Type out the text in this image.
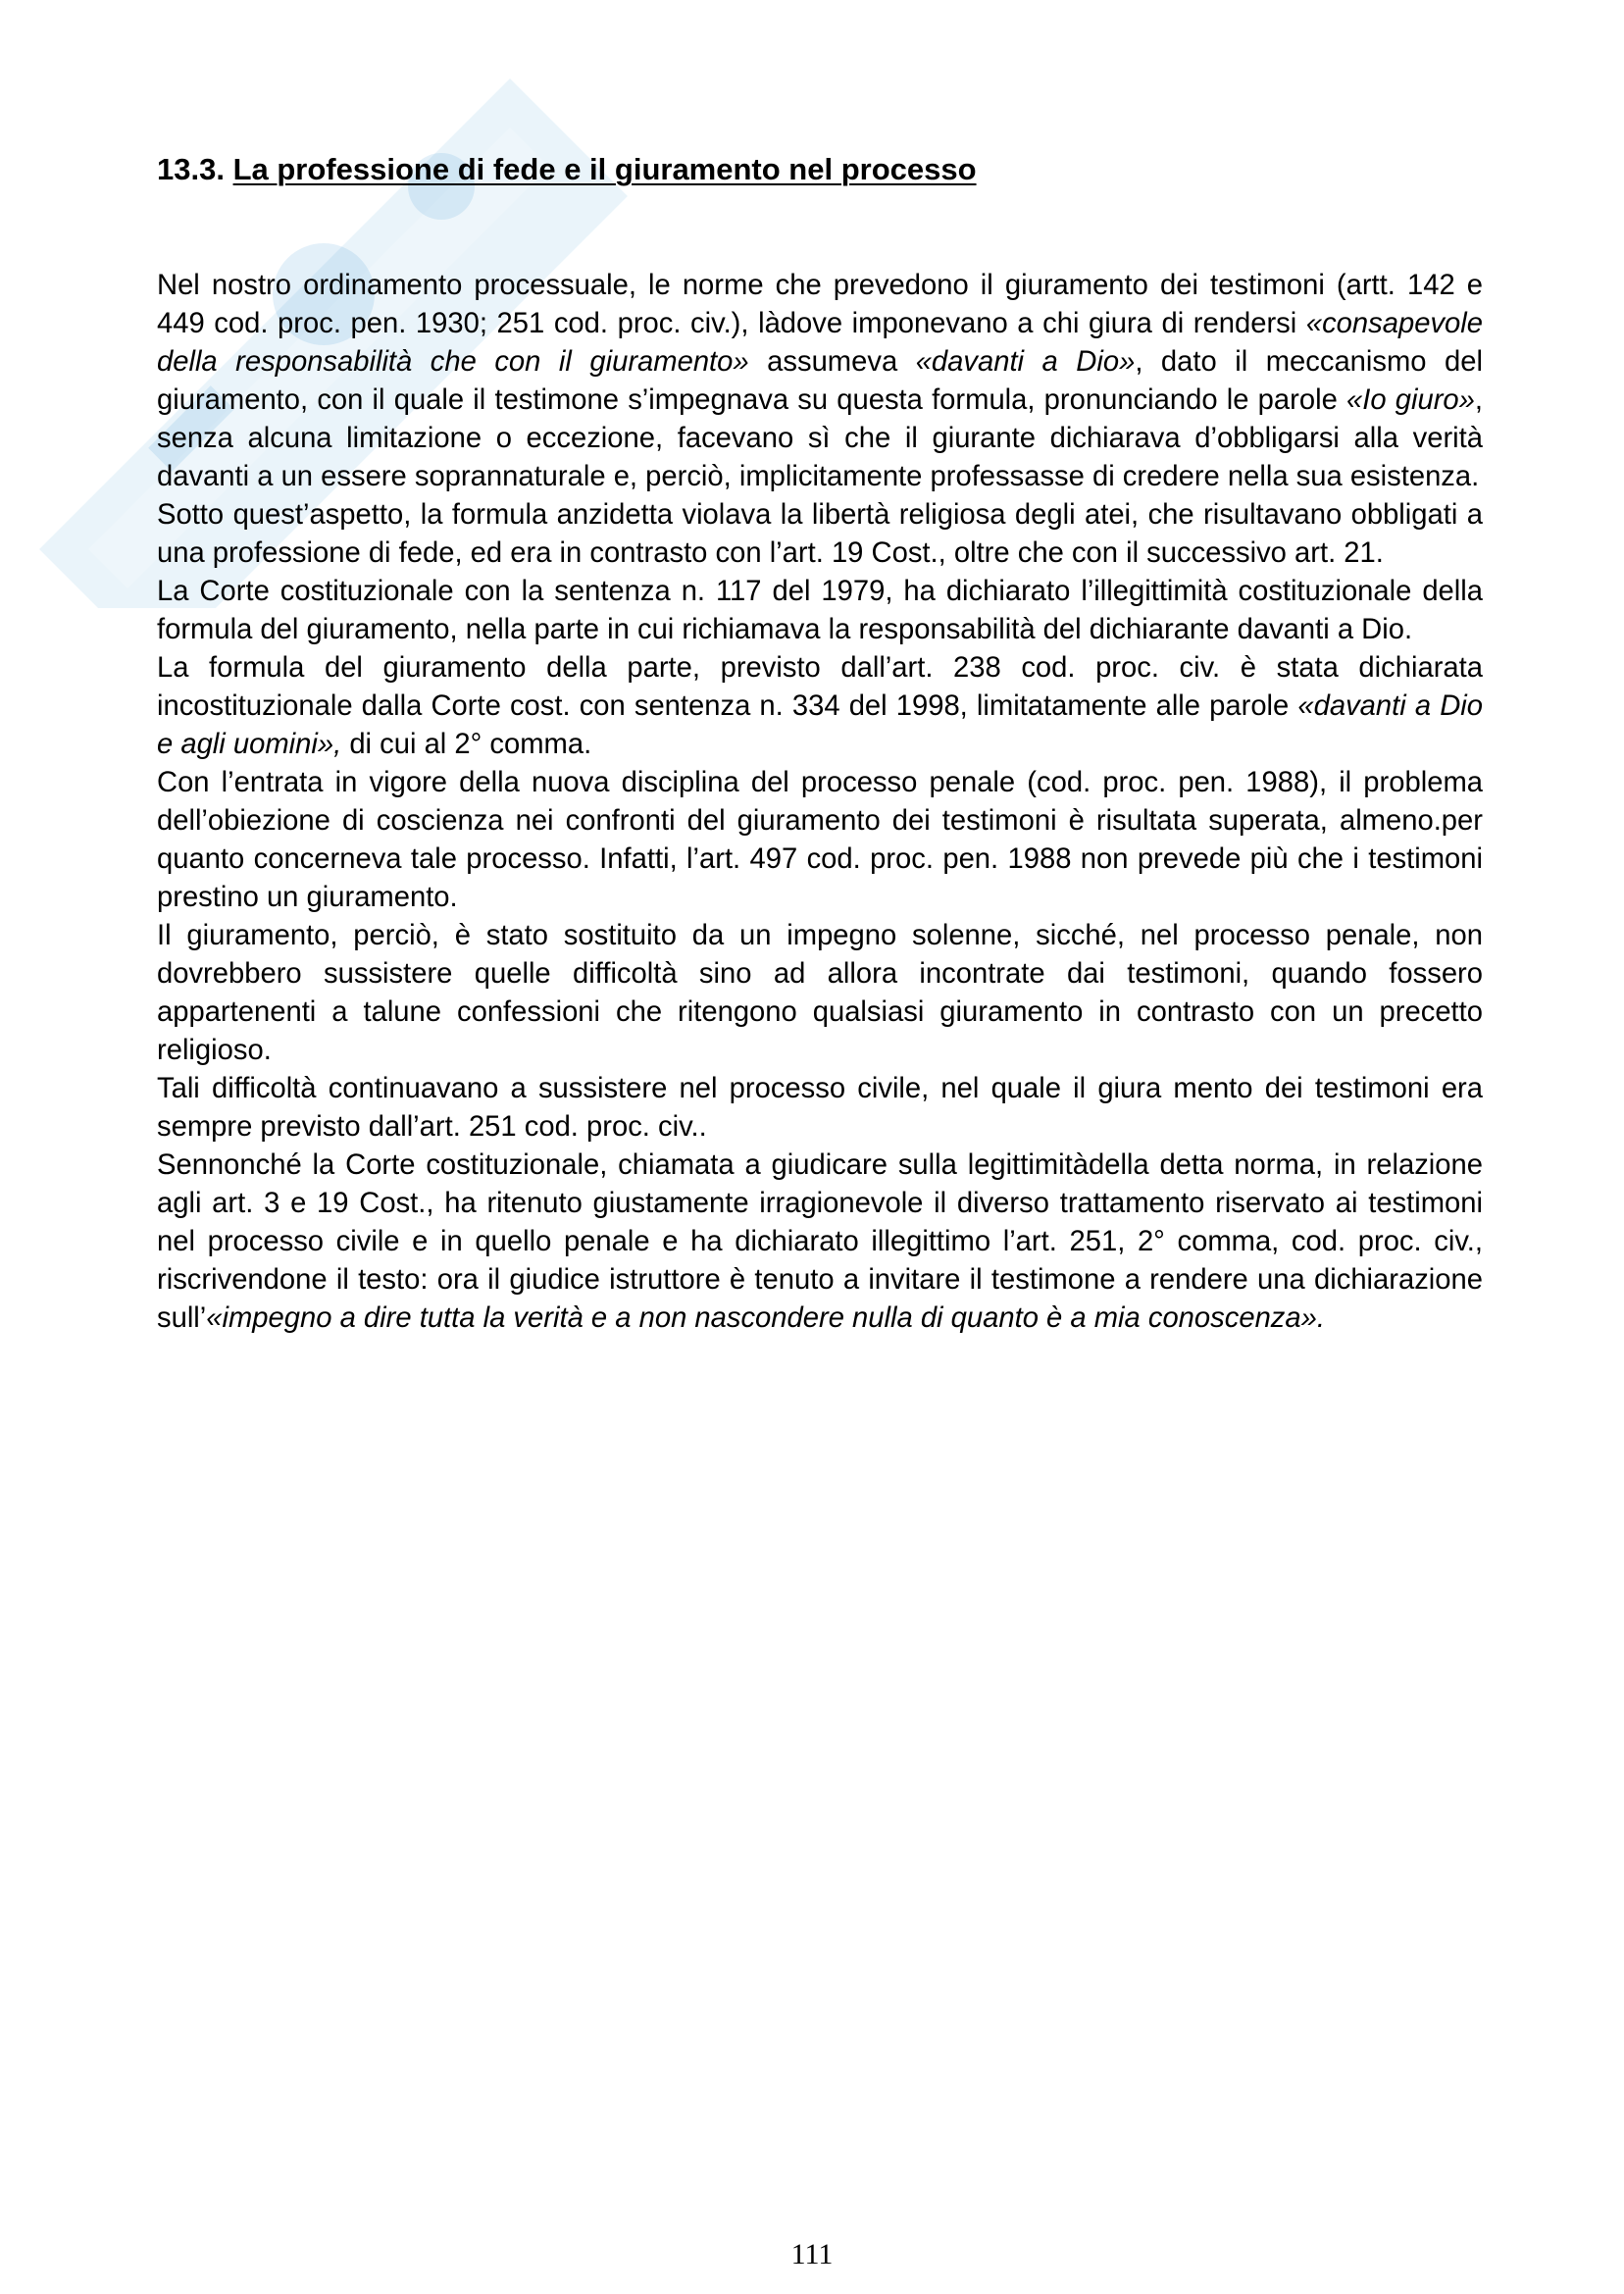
13.3. La professione di fede e il giuramento nel processo

Nel nostro ordinamento processuale, le norme che prevedono il giuramento dei testimoni (artt. 142 e 449 cod. proc. pen. 1930; 251 cod. proc. civ.), làdove imponevano a chi giura di rendersi «consapevole della responsabilità che con il giuramento» assumeva «davanti a Dio», dato il meccanismo del giuramento, con il quale il testimone s’impegnava su questa formula, pronunciando le parole «Io giuro», senza alcuna limitazione o eccezione, facevano sì che il giurante dichiarava d’obbligarsi alla verità davanti a un essere soprannaturale e, perciò, implicitamente professasse di credere nella sua esistenza.

Sotto quest’aspetto, la formula anzidetta violava la libertà religiosa degli atei, che risultavano obbligati a una professione di fede, ed era in contrasto con l’art. 19 Cost., oltre che con il successivo art. 21.

La Corte costituzionale con la sentenza n. 117 del 1979, ha dichiarato l’illegittimità costituzionale della formula del giuramento, nella parte in cui richiamava la responsabilità del dichiarante davanti a Dio.

La formula del giuramento della parte, previsto dall’art. 238 cod. proc. civ. è stata dichiarata incostituzionale dalla Corte cost. con sentenza n. 334 del 1998, limitatamente alle parole «davanti a Dio e agli uomini», di cui al 2° comma.

Con l’entrata in vigore della nuova disciplina del processo penale (cod. proc. pen. 1988), il problema dell’obiezione di coscienza nei confronti del giuramento dei testimoni è risultata superata, almeno.per quanto concerneva tale processo. Infatti, l’art. 497 cod. proc. pen. 1988 non prevede più che i testimoni prestino un giuramento.

Il giuramento, perciò, è stato sostituito da un impegno solenne, sicché, nel processo penale, non dovrebbero sussistere quelle difficoltà sino ad allora incontrate dai testimoni, quando fossero appartenenti a talune confessioni che ritengono qualsiasi giuramento in contrasto con un precetto religioso.

Tali difficoltà continuavano a sussistere nel processo civile, nel quale il giura mento dei testimoni era sempre previsto dall’art. 251 cod. proc. civ..

Sennonché la Corte costituzionale, chiamata a giudicare sulla legittimitàdella detta norma, in relazione agli art. 3 e 19 Cost., ha ritenuto giustamente irragionevole il diverso trattamento riservato ai testimoni nel processo civile e in quello penale e ha dichiarato illegittimo l’art. 251, 2° comma, cod. proc. civ., riscrivendone il testo: ora il giudice istruttore è tenuto a invitare il testimone a rendere una dichiarazione sull’«impegno a dire tutta la verità e a non nascondere nulla di quanto è a mia conoscenza».

111
